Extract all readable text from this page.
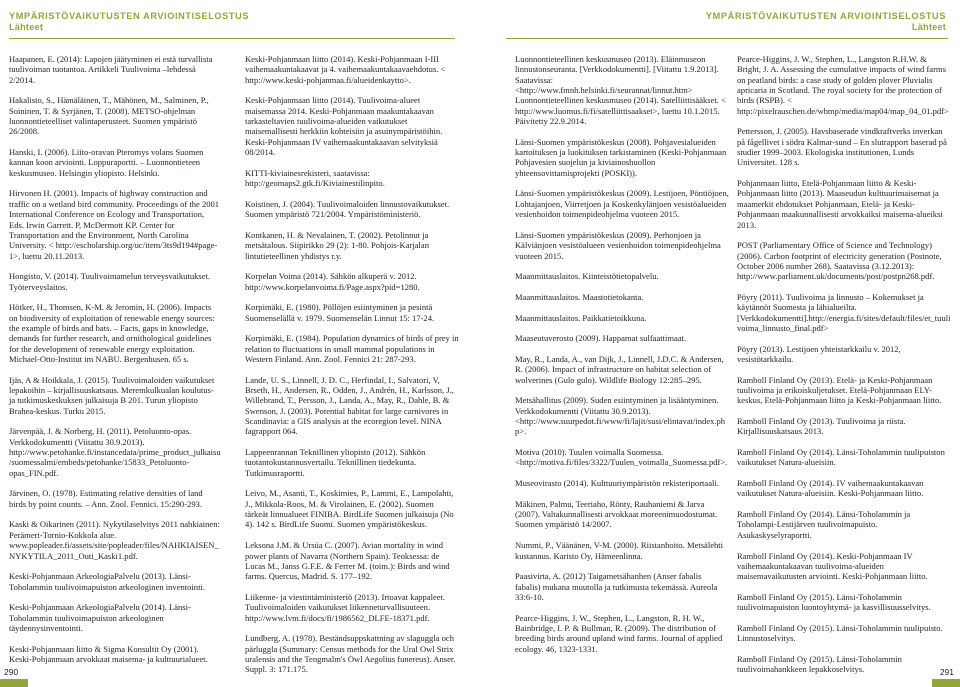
YMPÄRISTÖVAIKUTUSTEN ARVIOINTISELOSTUS
Lähteet

Haapanen, E. (2014): Lapojen jäätyminen ei estä turvallista tuulivoiman tuotantoa. Artikkeli Tuulivoima –lehdessä 2/2014.

Hakalisto, S., Hämäläinen, T., Mähönen, M., Salminen, P., Soininen, T. & Syrjänen, T. (2008). METSO-ohjelman luonnontieteelliset valintaperusteet. Suomen ympäristö 26/2008.

Hanski, I. (2006). Liito-oravan Pteromys volans Suomen kannan koon arviointi. Loppuraportti. – Luonnontieteen keskusmuseo. Helsingin yliopisto. Helsinki.

Hirvonen H. (2001). Impacts of highway construction and traffic on a wetland bird community. Proceedings of the 2001 International Conference on Ecology and Transportation, Eds. Irwin Garrett. P, McDermott KP. Center for Transportation and the Environment, North Carolina University. < http://escholarship.org/uc/item/3ts9d194#page-1>, luettu 20.11.2013.

Hongisto, V. (2014). Tuulivoimamelun terveysvaikutukset. Työterveyslaitos.

Hötker, H., Thomsen, K-M. & Jeromin, H. (2006). Impacts on biodiversity of exploitation of renewable energy sources: the example of birds and bats. – Facts, gaps in knowledge, demands for further research, and ornithological guidelines for the development of renewable energy exploitation. Michael-Otto-Institut im NABU. Bergenhusen. 65 s.

Ijäs, A & Hoikkala, J. (2015). Tuulivoimaloiden vaikutukset lepakoihin – kirjallisuuskatsaus. Meremkulkualan koulutus- ja tutkimuskeskuksen julkaisuja B 201. Turun yliopisto Brahea-keskus. Turku 2015.

Järvenpää, J. & Norberg, H. (2011). Petoluonto-opas. Verkkodokumentti (Viitattu 30.9.2013). http://www.petohanke.fi/instancedata/prime_product_julkaisu/suomessalmi/embeds/petohanke/15833_Petoluonto-opas_FIN.pdf.

Järvinen, O. (1978). Estimating relative densities of land birds by point counts. – Ann. Zool. Fennici. 15:290-293.

Kaski & Oikarinen (2011). Nykytilaselvitys 2011 nahkiainen: Perämeri-Tornio-Kokkola alue. www.popleader.fi/assets/site/popleader/files/NAHKIAISEN_NYKYTILA_2011_Outi_Kaski1.pdf.

Keski-Pohjanmaan ArkeologiaPalvelu (2013). Länsi-Toholammin tuulivoimapuiston arkeologinen inventointi.

Keski-Pohjanmaan ArkeologiaPalvelu (2014). Länsi-Toholammin tuulivoimapuiston arkeologinen täydennysinventointi.

Keski-Pohjanmaan liitto & Sigma Konsultit Oy (2001). Keski-Pohjanmaan arvokkaat maisema- ja kulttuurialueet.

Keski-Pohjanmaan liitto (2014). Keski-Pohjanmaan I-III vaihemaakuntakaavat ja 4. vaihemaakuntakaavaehdotus. < http://www.keski-pohjanmaa.fi/alueidenkaytto>.

Keski-Pohjanmaan liitto (2014). Tuulivoima-alueet maisemassa 2014. Keski-Pohjanmaan maakuntakaavan tarkasteltavien tuulivoima-alueiden vaikutukset maisemallisesti herkkiin kohteisiin ja asuinympäristöihin. Keski-Pohjanmaan IV vaihemaakuntakaavan selvityksiä 08/2014.

KITTI-kiviainesrekisteri, saatavissa: http://geomaps2.gtk.fi/Kiviainestilinpito.

Koistinen, J. (2004). Tuulivoimaloiden linnustovaikutukset. Suomen ympäristö 721/2004. Ympäristöministeriö.

Kontkanen, H. & Nevalainen, T. (2002). Petolinnut ja metsätalous. Siipirikko 29 (2): 1-80. Pohjois-Karjalan lintutieteellinen yhdistys r.y.

Korpelan Voima (2014). Sähkön alkuperä v. 2012. http://www.korpelanvoima.fi/Page.aspx?pid=1280.

Korpimäki, E. (1980). Pöllöjen esiintyminen ja pesintä Suomenselällä v. 1979. Suomenselän Linnut 15: 17-24.

Korpimäki, E. (1984). Population dynamics of birds of prey in relation to fluctuations in small mammal populations in Western Finland. Ann. Zool. Fennici 21: 287-293.

Lande, U. S., Linnell, J. D. C., Herfindal, I., Salvatori, V, Brseth, H., Andersen, R., Odden, J., Andrén, H., Karlsson, J., Willebrand, T., Persson, J., Landa, A., May, R., Dahle, B. & Swenson, J. (2003). Potential habitat for large carnivores in Scandinavia: a GIS analysis at the ecoregion level. NINA fagrapport 064.

Lappeenrannan Teknillinen yliopisto (2012). Sähkön tuotantokustannusvertailu. Teknillinen tiedekunta. Tutkimusraportti.

Leivo, M., Asanti, T., Koskimies, P., Lammi, E., Lampolahti, J., Mikkola-Roos, M. & Virolainen, E. (2002). Suomen tärkeät linnualueet FINIBA. BirdLife Suomen julkaisuja (No 4). 142 s. BirdLife Suomi. Suomen ympäristökeskus.

Leksona J.M. & Ursúa C. (2007). Avian mortality in wind power plants of Navarra (Northern Spain). Teoksessa: de Lucas M., Janss G.F.E. & Ferrer M. (toim.): Birds and wind farms. Quercus, Madrid. S. 177–192.

Liikenne- ja viestintäministeriö (2013). Irtoavat kappaleet. Tuulivoimaloiden vaikutukset liikenneturvallisuuteen. http://www.lvm.fi/docs/fi/1986562_DLFE-18371.pdf.

Lundberg, A. (1978). Beständsuppskattning av slaguggla och pärluggla (Summary: Census methods for the Ural Owl Strix uralensis and the Tengmalm's Owl Aegolius funereus). Anser. Suppl. 3: 171.175.

290
YMPÄRISTÖVAIKUTUSTEN ARVIOINTISELOSTUS
Lähteet

Luonnontieteellinen keskusmuseo (2013). Eläinmuseon linnustonseuranta. [Verkkodokumentti]. [Viitattu 1.9.2013]. Saatavissa: <http://www.fmnh.helsinki.fi/seurannat/linnut.htm> Luonnontieteellinen keskusmuseo (2014). Satelliittisääkset. < http://www.luomus.fi/fi/satelliittisaakset>, luettu 10.1.2015. Päivitetty 22.9.2014.

Länsi-Suomen ympäristökeskus (2008). Pohjavesialueiden kartoituksen ja luokituksen tarkistaminen (Keski-Pohjanmaan Pohjavesien suojelun ja kiviainoshuollon yhteensovittamisprojekti (POSKI)).

Länsi-Suomen ympäristökeskus (2009). Lestijoen, Pöntiöjoen, Lohtajanjoen, Viirretjoen ja Koskenkylänjoen vesistöalueiden vesienhoidon toimenpideohjelma vuoteen 2015.

Länsi-Suomen ympäristökeskus (2009). Perhonjoen ja Kälviänjoen vesistöalueen vesienhoidon toimenpideohjelma vuoteen 2015.

Maanmittauslaitos. Kiinteistötietopalvelu.

Maanmittauslaitos. Maastotietokanta.

Maanmittauslaitos. Paikkatietoikkuna.

Maaseutuverosto (2009). Happamat sulfaattimaat.

May, R., Landa, A., van Dijk, J., Linnell, J.D.C. & Andersen, R. (2006). Impact of infrastructure on habitat selection of wolverines (Gulo gulo). Wildlife Biology 12:285–295.

Metsähallitus (2009). Suden esiintyminen ja lisääntyminen. Verkkodokumentti (Viitattu 30.9.2013). <http://www.suurpedot.fi/www/fi/lajit/susi/elintavat/index.php>.

Motiva (2010). Tuulen voimalla Suomessa. <http://motiva.fi/files/3322/Tuulen_voimalla_Suomessa.pdf>.

Museovirasto (2014). Kulttuuriympäristön rekisteriportaali.

Mäkinen, Palmu, Teeriaho, Rönty, Rauhaniemi & Jarva (2007). Valtakunnallisesti arvokkaat moreenimuodostumat. Suomen ympäristö 14/2007.

Nummi, P., Väänänen, V-M. (2000). Riistanhoito. Metsälehti kustannus. Karisto Oy, Hämeenlinna.

Paasivirta, A. (2012) Taigametsähanhen (Anser fabalis fabalis) mukana muutolla ja tutkimusta tekemässä. Aureola 33:6-10.

Pearce-Higgins, J. W., Stephen, L., Langston, R. H. W., Bainbridge, I. P. & Bullman, R. (2009). The distribution of breeding birds around upland wind farms. Journal of applied ecology. 46, 1323-1331.

Pearce-Higgins, J. W., Stephen, L., Langston R.H.W. & Bright, J. A. Assessing the cumulative impacts of wind farms on peatland birds: a case study of golden plover Pluvialis apricaria in Scotland. The royal society for the protection of birds (RSPB). < http://pixelrauschen.de/wbmp/media/map04/map_04_01.pdf>

Pettersson, J. (2005). Havsbaserade vindkraftverks inverkan på fågellivet i södra Kalmar-sund – En slutrapport baserad på studier 1999–2003. Ekologiska institutionen, Lunds Universitet. 128 s.

Pohjanmaan liitto, Etelä-Pohjanmaan liitto & Keski-Pohjanmaan liitto (2013). Maaseudun kulttuurimaisemat ja maamerkit ehdotukset Pohjanmaan, Etelä- ja Keski-Pohjanmaan maakunnallisesti arvokkaiksi maisema-alueiksi 2013.

POST (Parliamentary Office of Science and Technology) (2006). Carbon footprint of electricity generation (Postnote, October 2006 number 268). Saatavissa (3.12.2013): http://www.parliament.uk/documents/post/postpn268.pdf.

Pöyry (2011). Tuulivoima ja linnusto – Kokemukset ja käytännöt Suomesta ja lähialueilta. [Verkkodokumentti].http://energia.fi/sites/default/files/et_tuulivoima_linnusto_final.pdf>

Pöyry (2013). Lestijoen yhteistarkkailu v. 2012, vesistötarkkailu.

Ramboll Finland Oy (2013). Etelä- ja Keski-Pohjanmaan tuulivoima ja erikoiskuljetukset. Etelä-Pohjanmaan ELY-keskus, Etelä-Pohjanmaan liitto ja Keski-Pohjanmaan liitto.

Ramboll Finland Oy (2013). Tuulivoima ja riista. Kirjallisuuskatsaus 2013.

Ramboll Finland Oy (2014). Länsi-Toholammin tuulipuiston vaikutukset Natura-alueisiin.

Ramboll Finland Oy (2014). IV vaihemaakuntakaavan vaikutukset Natura-alueisiin. Keski-Pohjanmaan liitto.

Ramboll Finland Oy (2014). Länsi-Toholammin ja Toholampi-Lestijärven tuulivoimapuisto. Asukaskyselyraportti.

Ramboll Finland Oy (2014). Keski-Pohjanmaan IV vaihemaakuntakaavan tuulivoima-alueiden maisemavaikutusten arviointi. Keski-Pohjanmaan liitto.

Ramboll Finland Oy (2015). Länsi-Toholammin tuulivoimapuiston luontoyhtymä- ja kasvillisuusselvitys.

Ramboll Finland Oy (2015). Länsi-Toholammin tuulipuisto. Linnustoselvitys.

Ramboll Finland Oy (2015). Länsi-Toholammin tuulivoimahankkeen lepakkoselvitys.	291
